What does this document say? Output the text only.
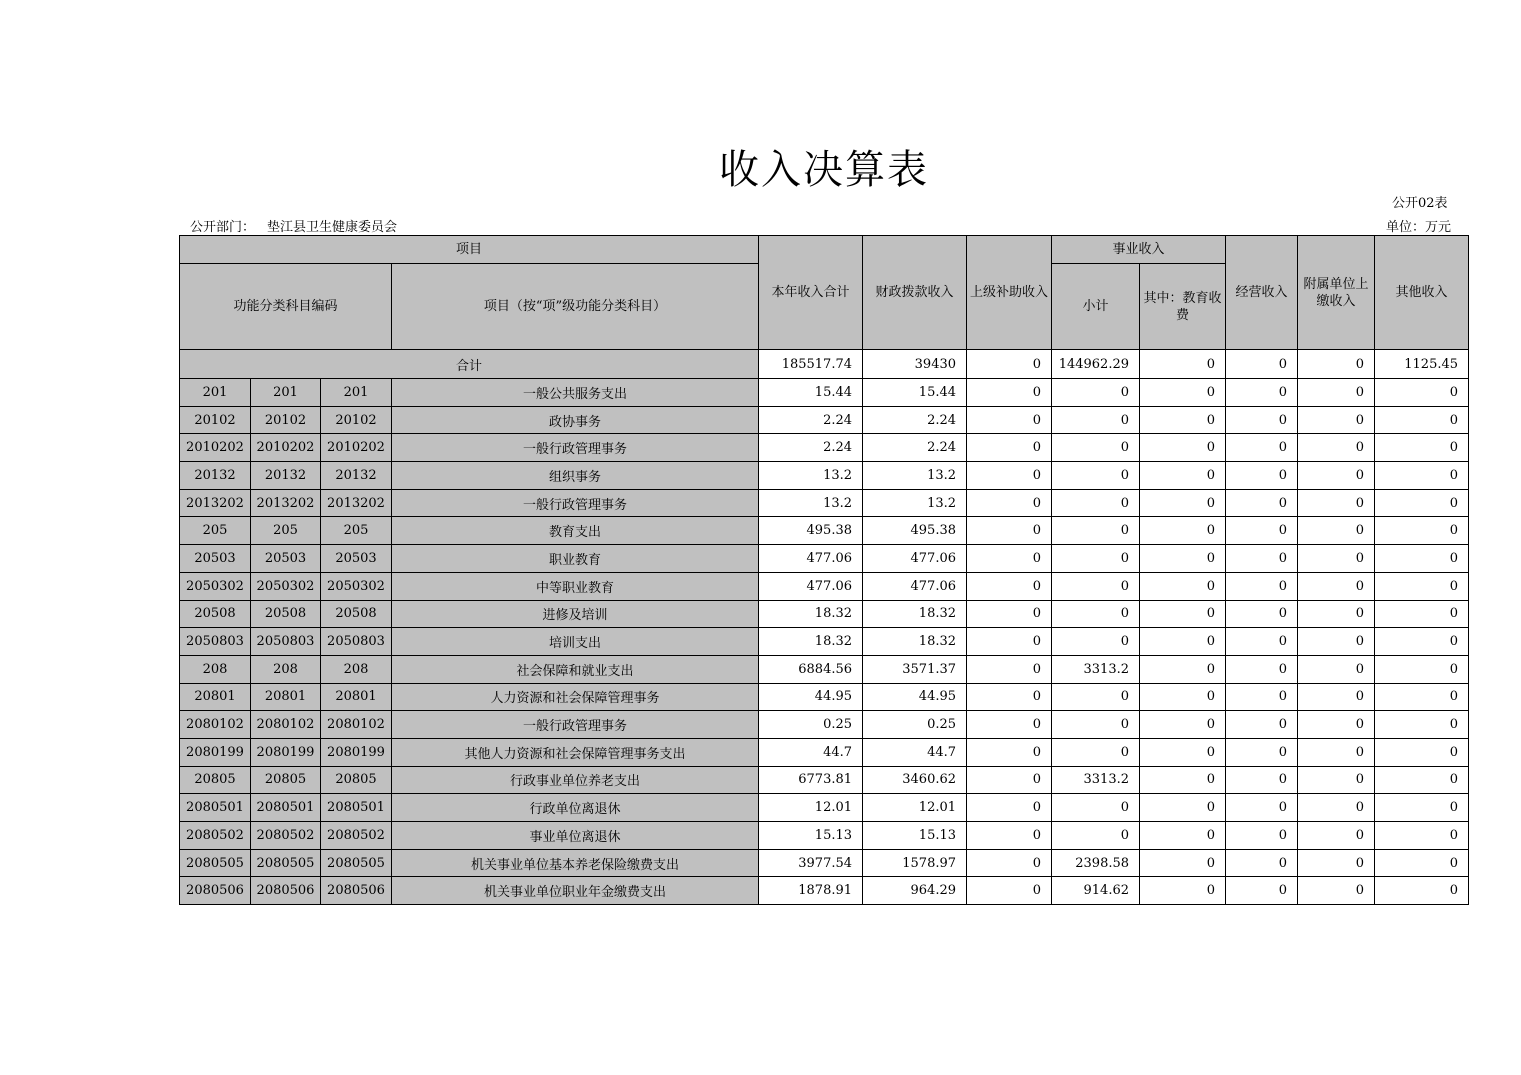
收入决算表
公开02表
公开部门： 垫江县卫生健康委员会	单位：万元
项目				本年收入合计	财政拨款收入	上级补助收入	事业收入		经营收入	附属单位上缴收入	其他收入
功能分类科目编码			项目（按“项”级功能分类科目）				小计	其中：教育收费			
合计				185517.74	39430	0	144962.29	0	0	0	1125.45
201	201	201	一般公共服务支出	15.44	15.44	0	0	0	0	0	0
20102	20102	20102	政协事务	2.24	2.24	0	0	0	0	0	0
2010202	2010202	2010202	一般行政管理事务	2.24	2.24	0	0	0	0	0	0
20132	20132	20132	组织事务	13.2	13.2	0	0	0	0	0	0
2013202	2013202	2013202	一般行政管理事务	13.2	13.2	0	0	0	0	0	0
205	205	205	教育支出	495.38	495.38	0	0	0	0	0	0
20503	20503	20503	职业教育	477.06	477.06	0	0	0	0	0	0
2050302	2050302	2050302	中等职业教育	477.06	477.06	0	0	0	0	0	0
20508	20508	20508	进修及培训	18.32	18.32	0	0	0	0	0	0
2050803	2050803	2050803	培训支出	18.32	18.32	0	0	0	0	0	0
208	208	208	社会保障和就业支出	6884.56	3571.37	0	3313.2	0	0	0	0
20801	20801	20801	人力资源和社会保障管理事务	44.95	44.95	0	0	0	0	0	0
2080102	2080102	2080102	一般行政管理事务	0.25	0.25	0	0	0	0	0	0
2080199	2080199	2080199	其他人力资源和社会保障管理事务支出	44.7	44.7	0	0	0	0	0	0
20805	20805	20805	行政事业单位养老支出	6773.81	3460.62	0	3313.2	0	0	0	0
2080501	2080501	2080501	行政单位离退休	12.01	12.01	0	0	0	0	0	0
2080502	2080502	2080502	事业单位离退休	15.13	15.13	0	0	0	0	0	0
2080505	2080505	2080505	机关事业单位基本养老保险缴费支出	3977.54	1578.97	0	2398.58	0	0	0	0
2080506	2080506	2080506	机关事业单位职业年金缴费支出	1878.91	964.29	0	914.62	0	0	0	0
